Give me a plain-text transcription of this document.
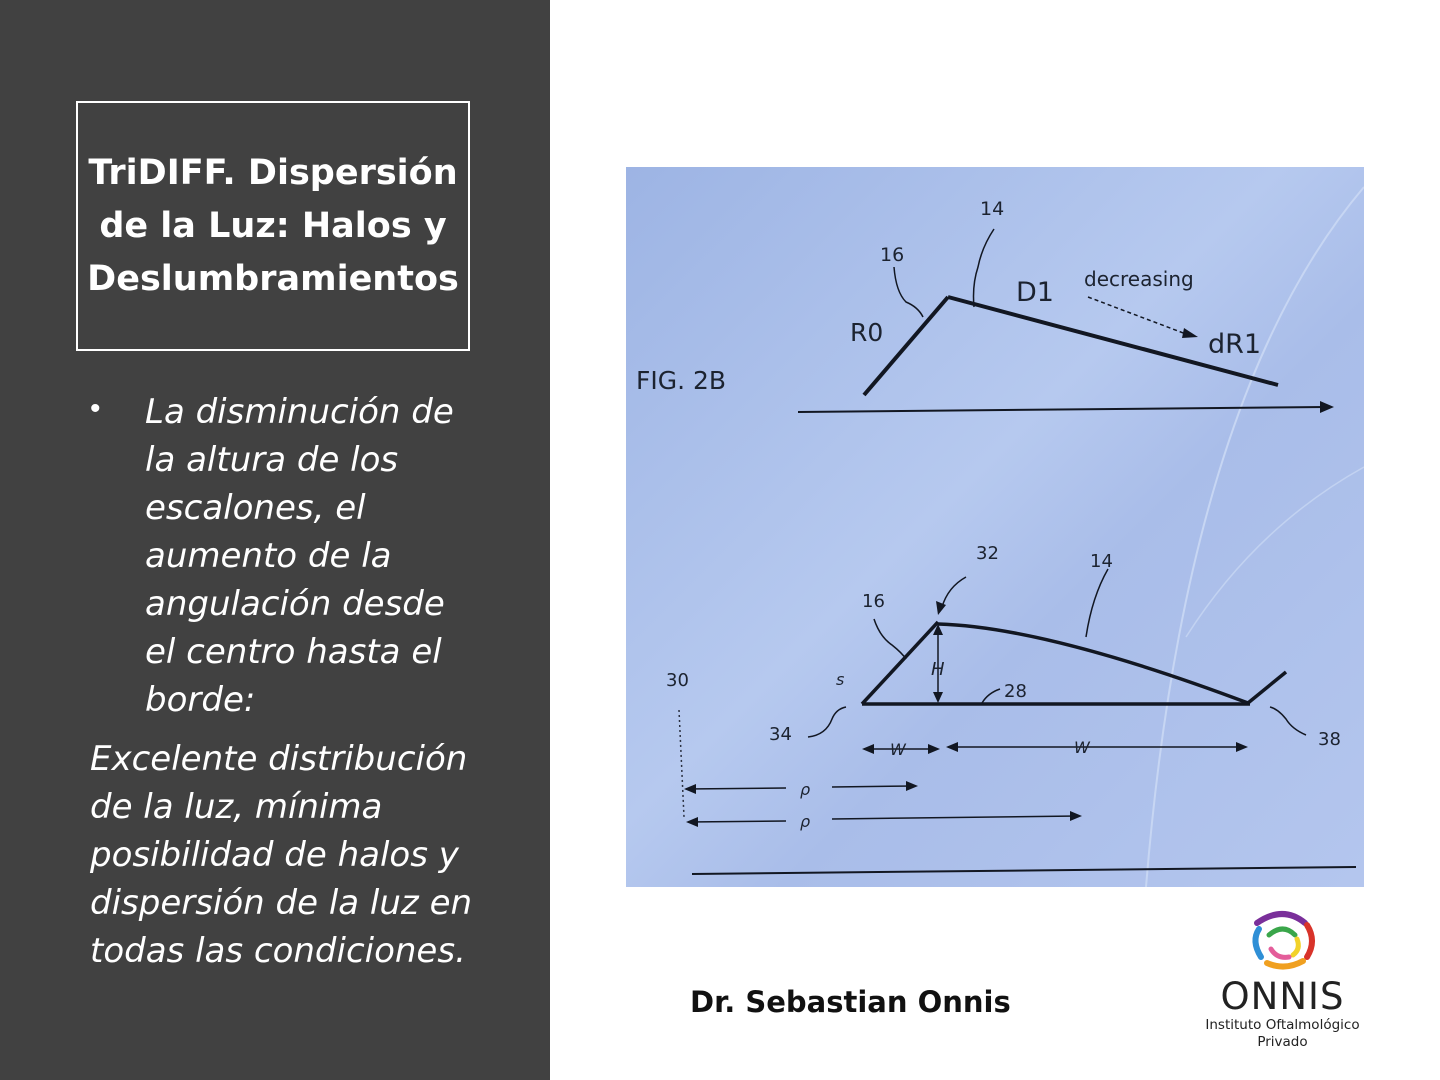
TriDIFF. Dispersión de la Luz: Halos y Deslumbramientos
• La disminución de la altura de los escalones, el aumento de la angulación desde el centro hasta el borde:
Excelente distribución de la luz, mínima posibilidad de halos y dispersión de la luz en todas las condiciones.
FIG. 2B
14
16
R0
D1 decreasing
dR1
32	14
16
H
s
28
30
34	38
W	W
ρ
ρ
Dr. Sebastian Onnis	ONNIS
Instituto Oftalmológico
Privado
